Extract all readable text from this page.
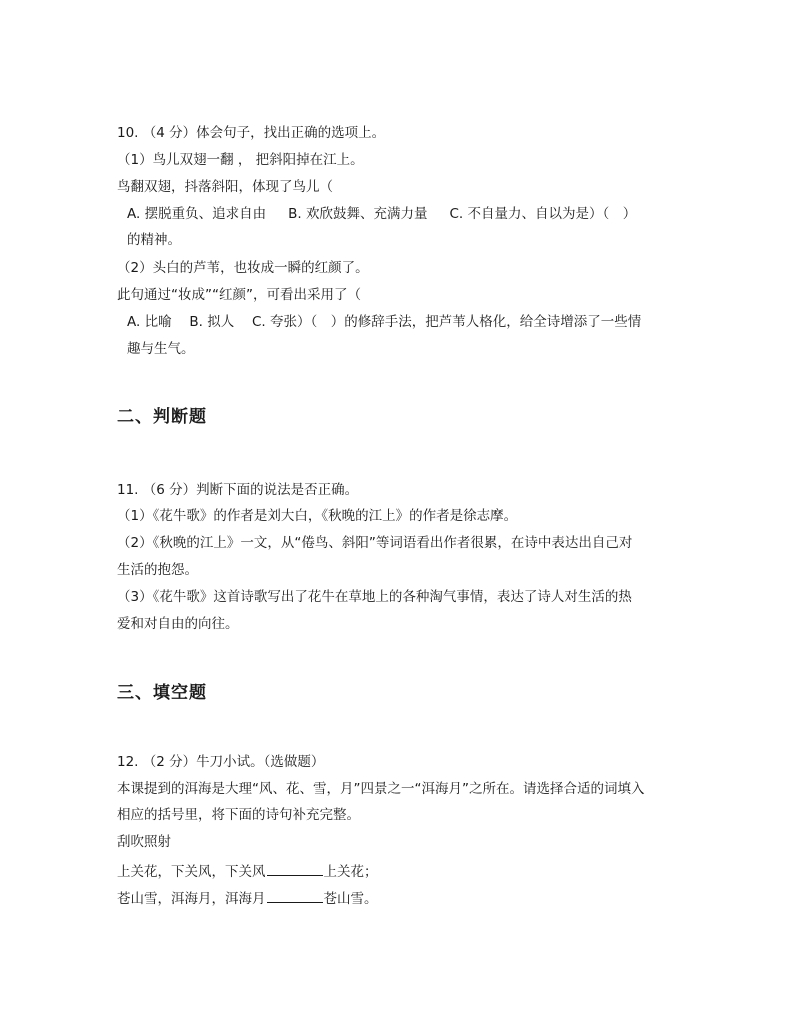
10. （4 分）体会句子，找出正确的选项上。
（1）鸟儿双翅一翻 ， 把斜阳掉在江上。
鸟翻双翅，抖落斜阳，体现了鸟儿（
A. 摆脱重负、追求自由 B. 欢欣鼓舞、充满力量 C. 不自量力、自以为是）（　）
的精神。
（2）头白的芦苇，也妆成一瞬的红颜了。
此句通过“妆成”“红颜”，可看出采用了（
A. 比喻　 B. 拟人　 C. 夸张）（　）的修辞手法，把芦苇人格化，给全诗增添了一些情
趣与生气。
二、判断题
11. （6 分）判断下面的说法是否正确。
（1）《花牛歌》的作者是刘大白，《秋晚的江上》的作者是徐志摩。
（2）《秋晚的江上》一文，从“倦鸟、斜阳”等词语看出作者很累，在诗中表达出自己对
生活的抱怨。
（3）《花牛歌》这首诗歌写出了花牛在草地上的各种淘气事情，表达了诗人对生活的热
爱和对自由的向往。
三、填空题
12. （2 分）牛刀小试。（选做题）
本课提到的洱海是大理“风、花、雪，月”四景之一“洱海月”之所在。请选择合适的词填入
相应的括号里，将下面的诗句补充完整。
刮吹照射
上关花，下关风，下关风	上关花；
苍山雪，洱海月，洱海月	苍山雪。
